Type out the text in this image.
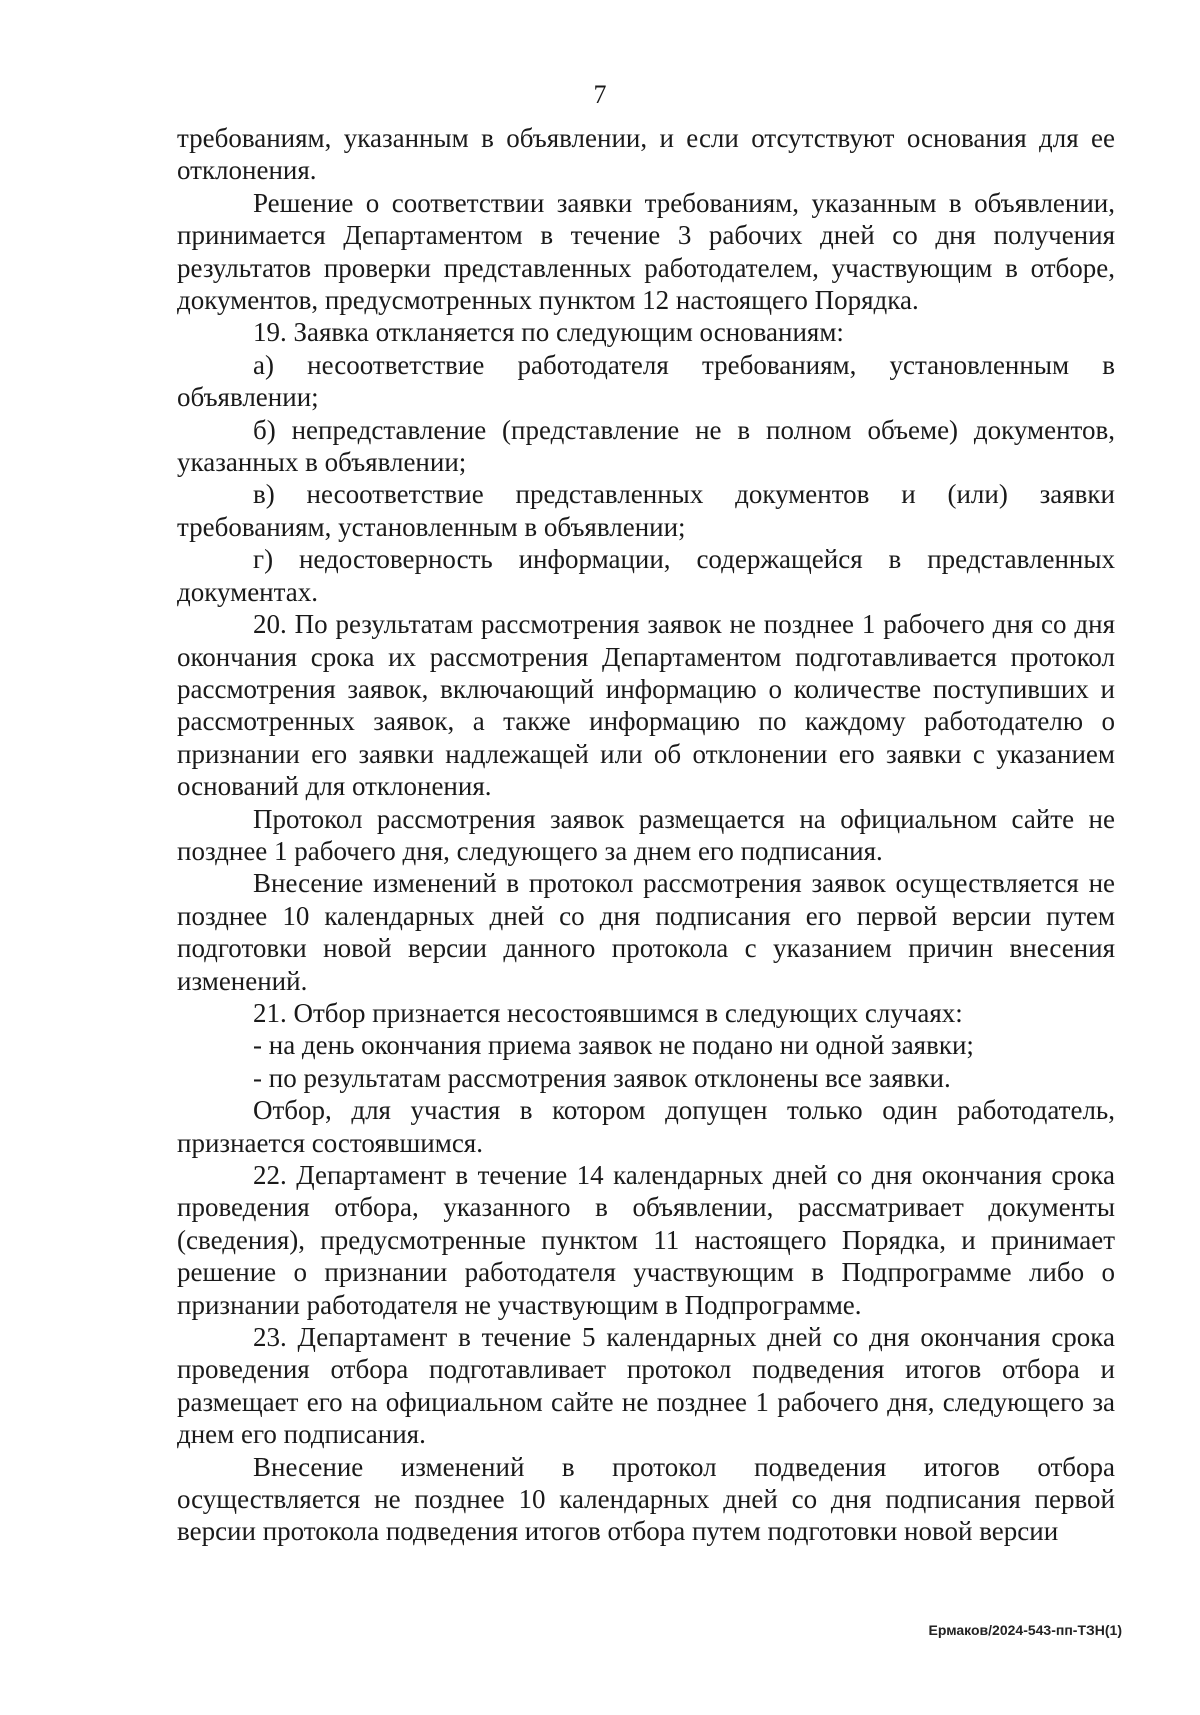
7

требованиям, указанным в объявлении, и если отсутствуют основания для ее отклонения.

Решение о соответствии заявки требованиям, указанным в объявлении, принимается Департаментом в течение 3 рабочих дней со дня получения результатов проверки представленных работодателем, участвующим в отборе, документов, предусмотренных пунктом 12 настоящего Порядка.

19. Заявка откланяется по следующим основаниям:

а) несоответствие работодателя требованиям, установленным в объявлении;

б) непредставление (представление не в полном объеме) документов, указанных в объявлении;

в) несоответствие представленных документов и (или) заявки требованиям, установленным в объявлении;

г) недостоверность информации, содержащейся в представленных документах.

20. По результатам рассмотрения заявок не позднее 1 рабочего дня со дня окончания срока их рассмотрения Департаментом подготавливается протокол рассмотрения заявок, включающий информацию о количестве поступивших и рассмотренных заявок, а также информацию по каждому работодателю о признании его заявки надлежащей или об отклонении его заявки с указанием оснований для отклонения.

Протокол рассмотрения заявок размещается на официальном сайте не позднее 1 рабочего дня, следующего за днем его подписания.

Внесение изменений в протокол рассмотрения заявок осуществляется не позднее 10 календарных дней со дня подписания его первой версии путем подготовки новой версии данного протокола с указанием причин внесения изменений.

21. Отбор признается несостоявшимся в следующих случаях:

- на день окончания приема заявок не подано ни одной заявки;

- по результатам рассмотрения заявок отклонены все заявки.

Отбор, для участия в котором допущен только один работодатель, признается состоявшимся.

22. Департамент в течение 14 календарных дней со дня окончания срока проведения отбора, указанного в объявлении, рассматривает документы (сведения), предусмотренные пунктом 11 настоящего Порядка, и принимает решение о признании работодателя участвующим в Подпрограмме либо о признании работодателя не участвующим в Подпрограмме.

23. Департамент в течение 5 календарных дней со дня окончания срока проведения отбора подготавливает протокол подведения итогов отбора и размещает его на официальном сайте не позднее 1 рабочего дня, следующего за днем его подписания.

Внесение изменений в протокол подведения итогов отбора осуществляется не позднее 10 календарных дней со дня подписания первой версии протокола подведения итогов отбора путем подготовки новой версии

Ермаков/2024-543-пп-ТЗН(1)
